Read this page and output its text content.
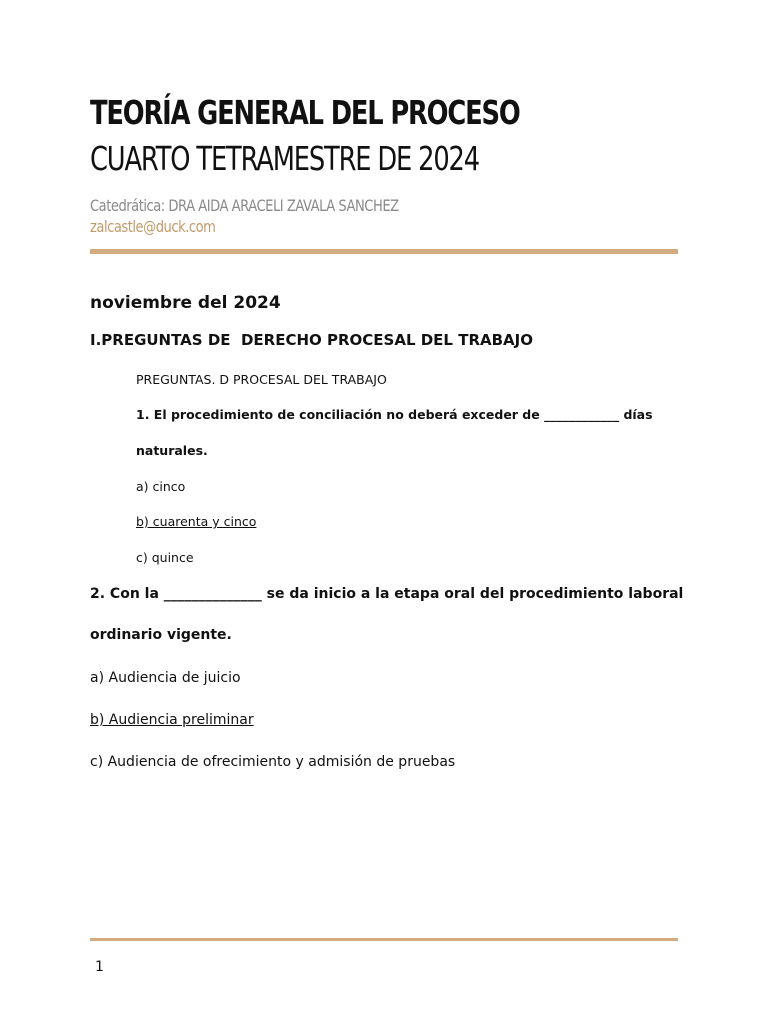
TEORÍA GENERAL DEL PROCESO
CUARTO TETRAMESTRE DE 2024
Catedrática: DRA AIDA ARACELI ZAVALA SANCHEZ
zalcastle@duck.com
noviembre del 2024
I.PREGUNTAS DE  DERECHO PROCESAL DEL TRABAJO
PREGUNTAS. D PROCESAL DEL TRABAJO
1. El procedimiento de conciliación no deberá exceder de ____________ días
naturales.
a) cinco
b) cuarenta y cinco
c) quince
2. Con la ______________ se da inicio a la etapa oral del procedimiento laboral
ordinario vigente.
a) Audiencia de juicio
b) Audiencia preliminar
c) Audiencia de ofrecimiento y admisión de pruebas
1
